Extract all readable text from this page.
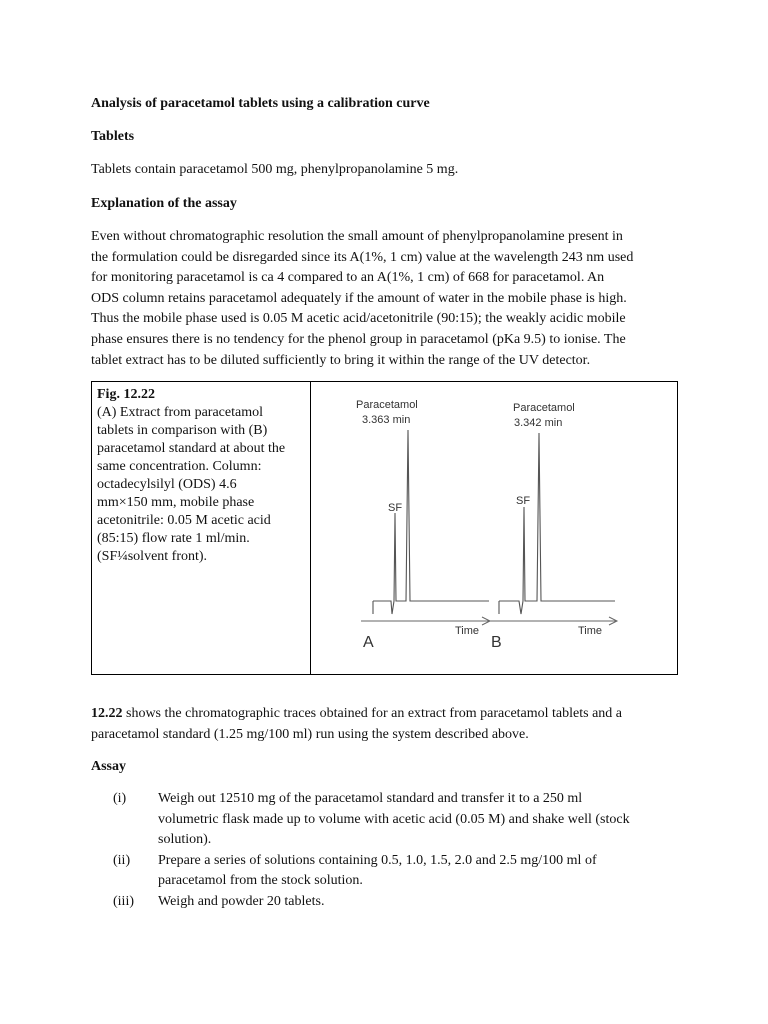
Analysis of paracetamol tablets using a calibration curve
Tablets
Tablets contain paracetamol 500 mg, phenylpropanolamine 5 mg.
Explanation of the assay

Even without chromatographic resolution the small amount of phenylpropanolamine present in

the formulation could be disregarded since its A(1%, 1 cm) value at the wavelength 243 nm used

for monitoring paracetamol is ca 4 compared to an A(1%, 1 cm) of 668 for paracetamol. An

ODS column retains paracetamol adequately if the amount of water in the mobile phase is high.

Thus the mobile phase used is 0.05 M acetic acid/acetonitrile (90:15); the weakly acidic mobile

phase ensures there is no tendency for the phenol group in paracetamol (pKa 9.5) to ionise. The

tablet extract has to be diluted sufficiently to bring it within the range of the UV detector.

Fig. 12.22
(A) Extract from paracetamol
tablets in comparison with (B)
paracetamol standard at about the
same concentration. Column:
octadecylsilyl (ODS) 4.6
mm×150 mm, mobile phase
acetonitrile: 0.05 M acetic acid
(85:15) flow rate 1 ml/min.
(SF¼solvent front).

Paracetamol
3.363 min
SF
Time
A
Paracetamol
3.342 min
SF
Time
B

12.22 shows the chromatographic traces obtained for an extract from paracetamol tablets and a

paracetamol standard (1.25 mg/100 ml) run using the system described above.

Assay
(i) Weigh out 12510 mg of the paracetamol standard and transfer it to a 250 ml
volumetric flask made up to volume with acetic acid (0.05 M) and shake well (stock
solution).
(ii) Prepare a series of solutions containing 0.5, 1.0, 1.5, 2.0 and 2.5 mg/100 ml of
paracetamol from the stock solution.
(iii) Weigh and powder 20 tablets.
